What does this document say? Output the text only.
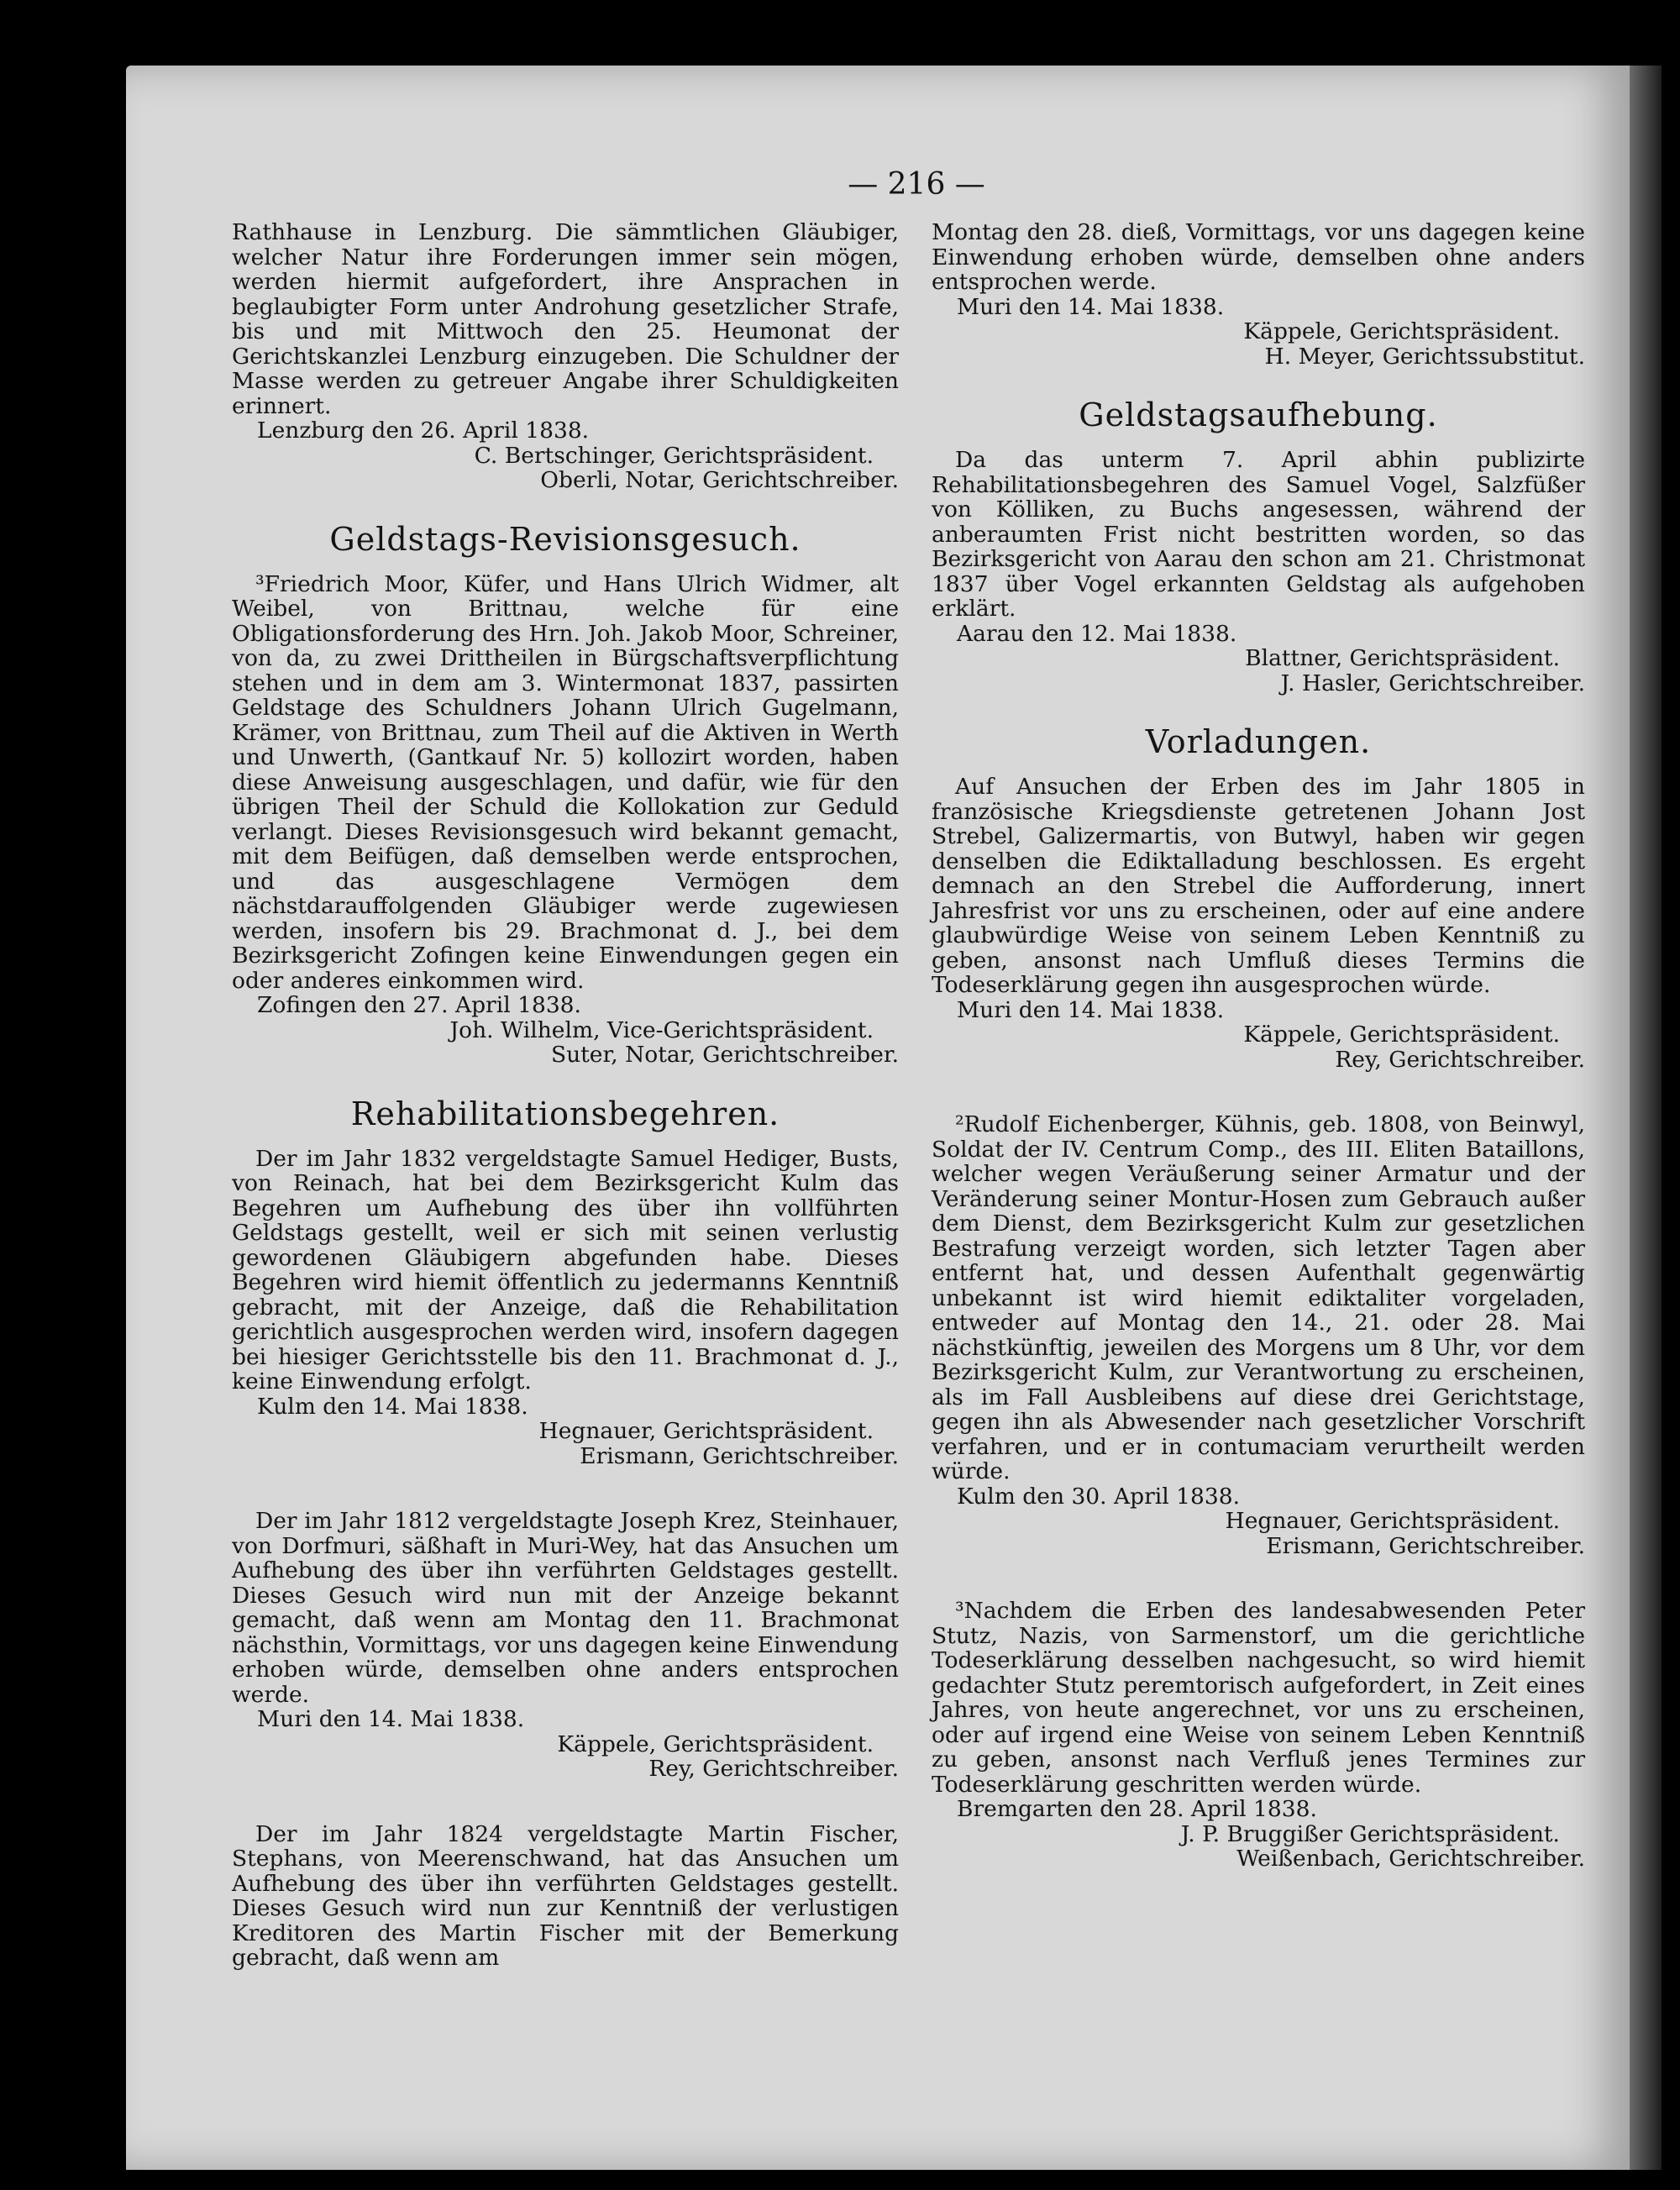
— 216 —

Rathhause in Lenzburg. Die sämmtlichen Gläubiger, welcher Natur ihre Forderungen immer sein mögen, werden hiermit aufgefordert, ihre Ansprachen in beglaubigter Form unter Androhung gesetzlicher Strafe, bis und mit Mittwoch den 25. Heumonat der Gerichtskanzlei Lenzburg einzugeben. Die Schuldner der Masse werden zu getreuer Angabe ihrer Schuldigkeiten erinnert.

Lenzburg den 26. April 1838.

C. Bertschinger, Gerichtspräsident.

Oberli, Notar, Gerichtschreiber.

Geldstags-Revisionsgesuch.

³Friedrich Moor, Küfer, und Hans Ulrich Widmer, alt Weibel, von Brittnau, welche für eine Obligationsforderung des Hrn. Joh. Jakob Moor, Schreiner, von da, zu zwei Drittheilen in Bürgschaftsverpflichtung stehen und in dem am 3. Wintermonat 1837, passirten Geldstage des Schuldners Johann Ulrich Gugelmann, Krämer, von Brittnau, zum Theil auf die Aktiven in Werth und Unwerth, (Gantkauf Nr. 5) kollozirt worden, haben diese Anweisung ausgeschlagen, und dafür, wie für den übrigen Theil der Schuld die Kollokation zur Geduld verlangt. Dieses Revisionsgesuch wird bekannt gemacht, mit dem Beifügen, daß demselben werde entsprochen, und das ausgeschlagene Vermögen dem nächstdarauffolgenden Gläubiger werde zugewiesen werden, insofern bis 29. Brachmonat d. J., bei dem Bezirksgericht Zofingen keine Einwendungen gegen ein oder anderes einkommen wird.

Zofingen den 27. April 1838.

Joh. Wilhelm, Vice-Gerichtspräsident.

Suter, Notar, Gerichtschreiber.

Rehabilitationsbegehren.

Der im Jahr 1832 vergeldstagte Samuel Hediger, Busts, von Reinach, hat bei dem Bezirksgericht Kulm das Begehren um Aufhebung des über ihn vollführten Geldstags gestellt, weil er sich mit seinen verlustig gewordenen Gläubigern abgefunden habe. Dieses Begehren wird hiemit öffentlich zu jedermanns Kenntniß gebracht, mit der Anzeige, daß die Rehabilitation gerichtlich ausgesprochen werden wird, insofern dagegen bei hiesiger Gerichtsstelle bis den 11. Brachmonat d. J., keine Einwendung erfolgt.

Kulm den 14. Mai 1838.

Hegnauer, Gerichtspräsident.

Erismann, Gerichtschreiber.

Der im Jahr 1812 vergeldstagte Joseph Krez, Steinhauer, von Dorfmuri, säßhaft in Muri-Wey, hat das Ansuchen um Aufhebung des über ihn verführten Geldstages gestellt. Dieses Gesuch wird nun mit der Anzeige bekannt gemacht, daß wenn am Montag den 11. Brachmonat nächsthin, Vormittags, vor uns dagegen keine Einwendung erhoben würde, demselben ohne anders entsprochen werde.

Muri den 14. Mai 1838.

Käppele, Gerichtspräsident.

Rey, Gerichtschreiber.

Der im Jahr 1824 vergeldstagte Martin Fischer, Stephans, von Meerenschwand, hat das Ansuchen um Aufhebung des über ihn verführten Geldstages gestellt. Dieses Gesuch wird nun zur Kenntniß der verlustigen Kreditoren des Martin Fischer mit der Bemerkung gebracht, daß wenn am

Montag den 28. dieß, Vormittags, vor uns dagegen keine Einwendung erhoben würde, demselben ohne anders entsprochen werde.

Muri den 14. Mai 1838.

Käppele, Gerichtspräsident.

H. Meyer, Gerichtssubstitut.

Geldstagsaufhebung.

Da das unterm 7. April abhin publizirte Rehabilitationsbegehren des Samuel Vogel, Salzfüßer von Kölliken, zu Buchs angesessen, während der anberaumten Frist nicht bestritten worden, so das Bezirksgericht von Aarau den schon am 21. Christmonat 1837 über Vogel erkannten Geldstag als aufgehoben erklärt.

Aarau den 12. Mai 1838.

Blattner, Gerichtspräsident.

J. Hasler, Gerichtschreiber.

Vorladungen.

Auf Ansuchen der Erben des im Jahr 1805 in französische Kriegsdienste getretenen Johann Jost Strebel, Galizermartis, von Butwyl, haben wir gegen denselben die Ediktalladung beschlossen. Es ergeht demnach an den Strebel die Aufforderung, innert Jahresfrist vor uns zu erscheinen, oder auf eine andere glaubwürdige Weise von seinem Leben Kenntniß zu geben, ansonst nach Umfluß dieses Termins die Todeserklärung gegen ihn ausgesprochen würde.

Muri den 14. Mai 1838.

Käppele, Gerichtspräsident.

Rey, Gerichtschreiber.

²Rudolf Eichenberger, Kühnis, geb. 1808, von Beinwyl, Soldat der IV. Centrum Comp., des III. Eliten Bataillons, welcher wegen Veräußerung seiner Armatur und der Veränderung seiner Montur-Hosen zum Gebrauch außer dem Dienst, dem Bezirksgericht Kulm zur gesetzlichen Bestrafung verzeigt worden, sich letzter Tagen aber entfernt hat, und dessen Aufenthalt gegenwärtig unbekannt ist wird hiemit ediktaliter vorgeladen, entweder auf Montag den 14., 21. oder 28. Mai nächstkünftig, jeweilen des Morgens um 8 Uhr, vor dem Bezirksgericht Kulm, zur Verantwortung zu erscheinen, als im Fall Ausbleibens auf diese drei Gerichtstage, gegen ihn als Abwesender nach gesetzlicher Vorschrift verfahren, und er in contumaciam verurtheilt werden würde.

Kulm den 30. April 1838.

Hegnauer, Gerichtspräsident.

Erismann, Gerichtschreiber.

³Nachdem die Erben des landesabwesenden Peter Stutz, Nazis, von Sarmenstorf, um die gerichtliche Todeserklärung desselben nachgesucht, so wird hiemit gedachter Stutz peremtorisch aufgefordert, in Zeit eines Jahres, von heute angerechnet, vor uns zu erscheinen, oder auf irgend eine Weise von seinem Leben Kenntniß zu geben, ansonst nach Verfluß jenes Termines zur Todeserklärung geschritten werden würde.

Bremgarten den 28. April 1838.

J. P. Bruggißer Gerichtspräsident.

Weißenbach, Gerichtschreiber.
